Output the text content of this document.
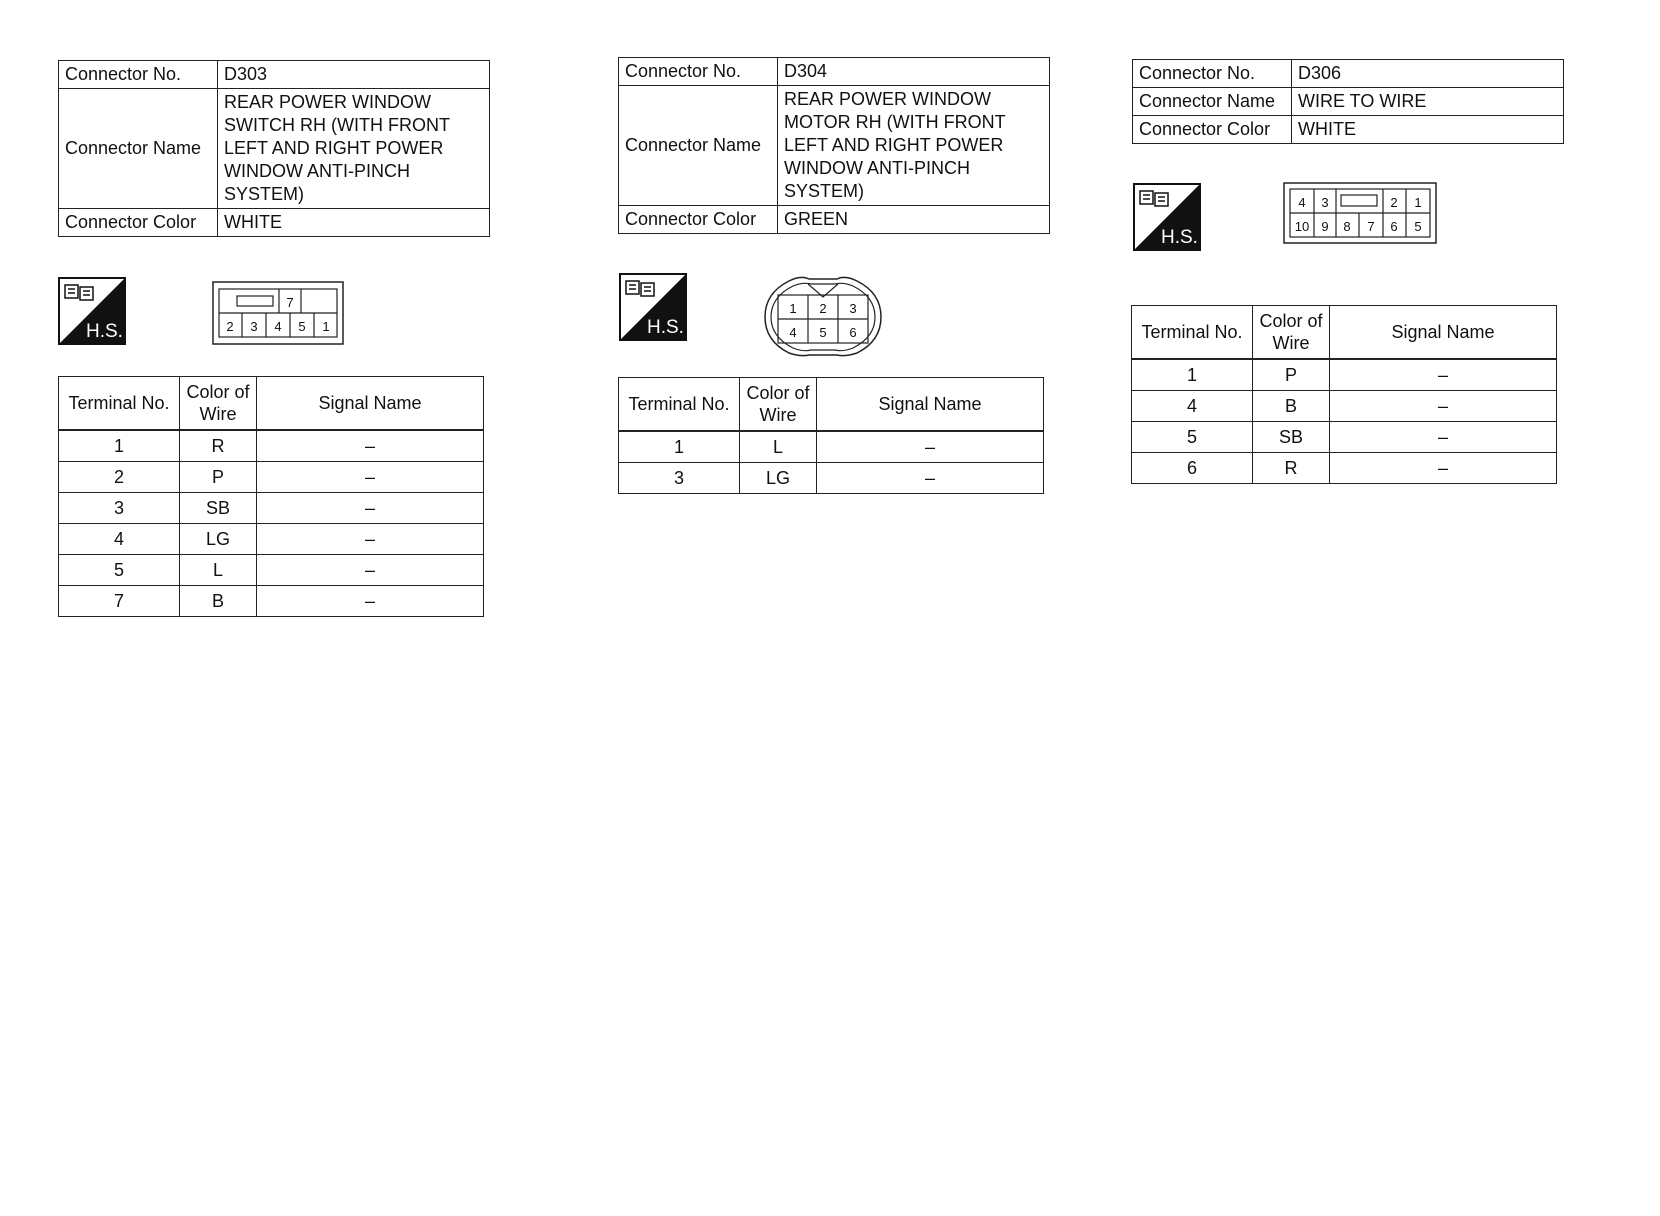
Connector No.	D303
Connector Name	REAR POWER WINDOW
SWITCH RH (WITH FRONT
LEFT AND RIGHT POWER
WINDOW ANTI-PINCH
SYSTEM)

Connector Color	WHITE
H.S.
7
2 3 4 5 1
Terminal No.	Color of
Wire	Signal Name
1	R	–
2	P	–
3	SB	–
4	LG	–
5	L	–
7	B	–
Connector No.	D304
Connector Name	REAR POWER WINDOW
MOTOR RH (WITH FRONT
LEFT AND RIGHT POWER
WINDOW ANTI-PINCH
SYSTEM)

Connector Color	GREEN
H.S.
1 2 3
4 5 6
Terminal No.	Color of
Wire	Signal Name
1	L	–
3	LG	–
Connector No.	D306
Connector Name	WIRE TO WIRE

Connector Color	WHITE
H.S.
4 3	2 1
10 9 8 7 6 5
Terminal No.	Color of
Wire	Signal Name
1	P	–
4	B	–
5	SB	–
6	R	–
